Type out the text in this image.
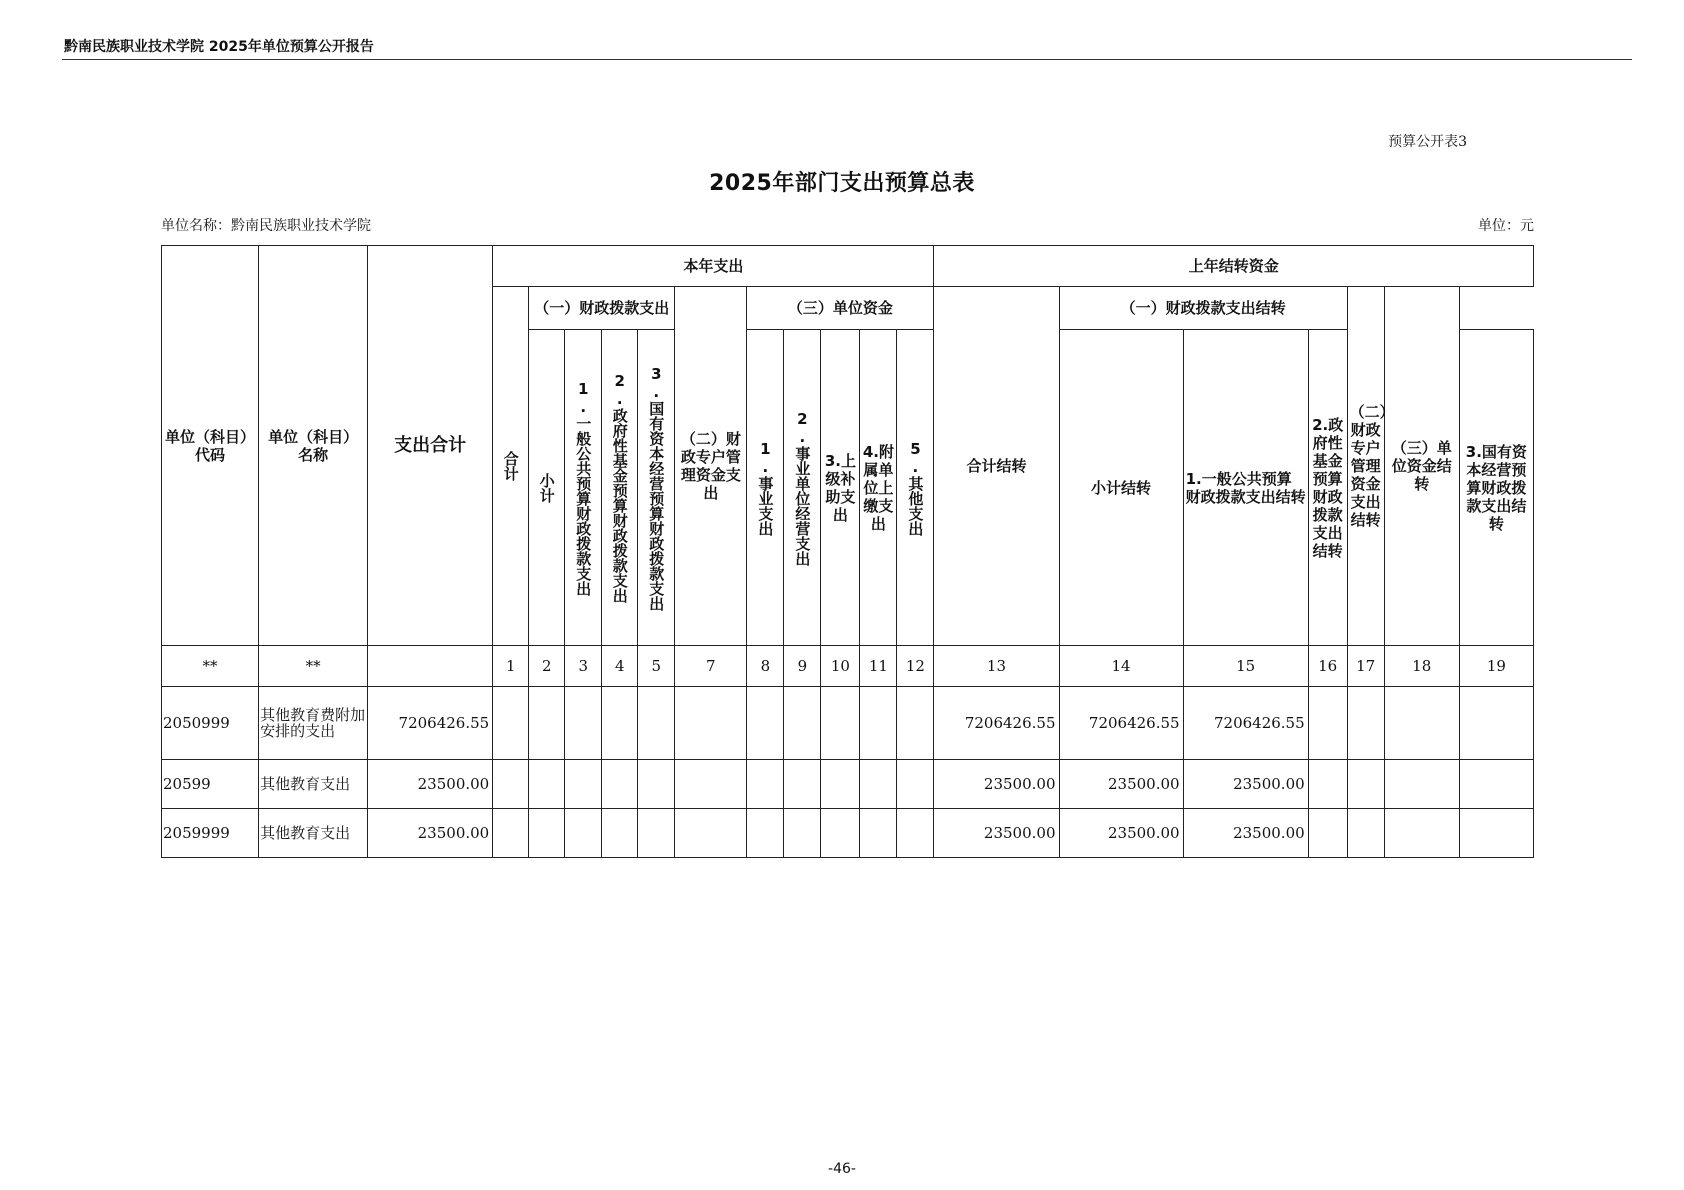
黔南民族职业技术学院 2025年单位预算公开报告
预算公开表3
2025年部门支出预算总表
单位名称：黔南民族职业技术学院	单位：元
单位（科目）代码	单位（科目）名称	支出合计	本年支出											上年结转资金						

			合计	（一）财政拨款支出				（二）财政专户管理资金支出	（三）单位资金					合计结转	（一）财政拨款支出结转			（二）财政专户管理资金支出结转	（三）单位资金结转	

				小计	1.一般公共预算财政拨款支出	2.政府性基金预算财政拨款支出	3.国有资本经营预算财政拨款支出		1.事业支出	2.事业单位经营支出	3.上级补助支出	4.附属单位上缴支出	5.其他支出		小计结转	1.一般公共预算财政拨款支出结转	2.政府性基金预算财政拨款支出结转			3.国有资本经营预算财政拨款支出结转

**	**		1	2	3	4	5	7	8	9	10	11	12	13	14	15	16	17	18	19
2050999	其他教育费附加安排的支出	7206426.55												7206426.55	7206426.55	7206426.55				
20599	其他教育支出	23500.00												23500.00	23500.00	23500.00				
2059999	其他教育支出	23500.00												23500.00	23500.00	23500.00				
-46-
